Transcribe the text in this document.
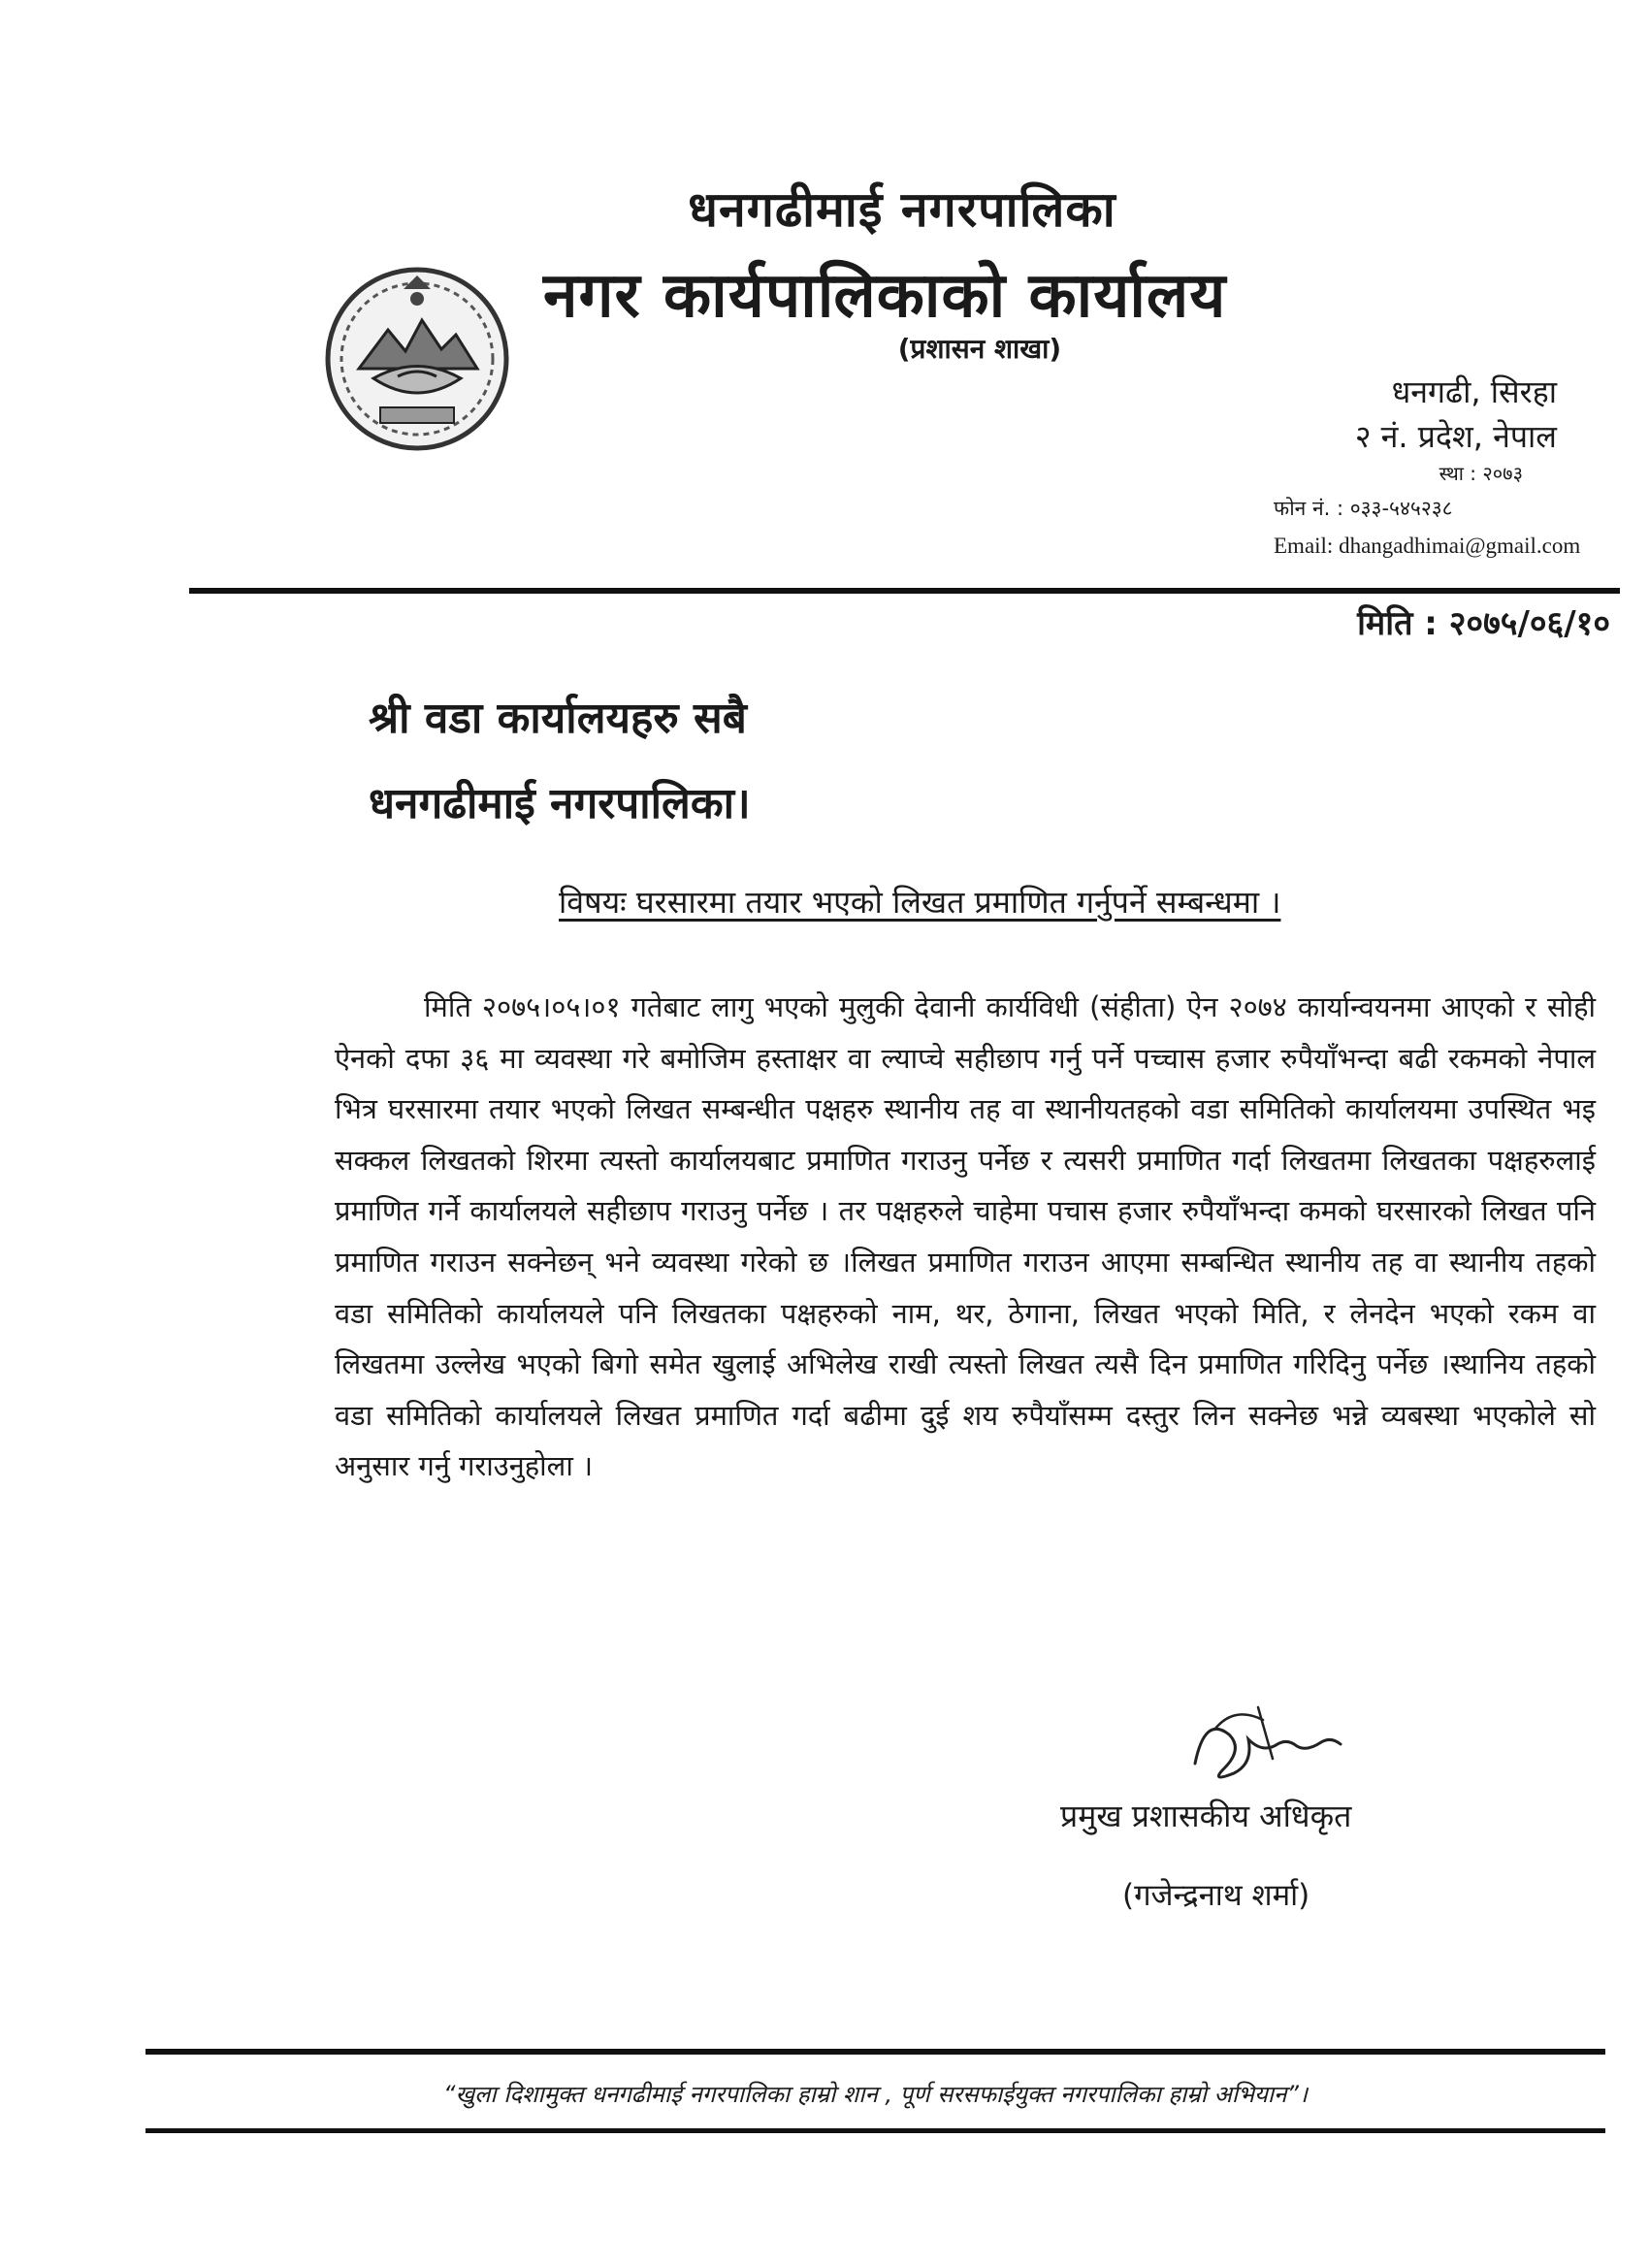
धनगढीमाई नगरपालिका
नगर कार्यपालिकाको कार्यालय
(प्रशासन शाखा)
धनगढी, सिरहा
२ नं. प्रदेश, नेपाल
स्था : २०७३
फोन नं. : ०३३-५४५२३८
Email: dhangadhimai@gmail.com
मिति : २०७५/०६/१०
श्री वडा कार्यालयहरु सबै
धनगढीमाई नगरपालिका।
विषयः घरसारमा तयार भएको लिखत प्रमाणित गर्नुपर्ने सम्बन्धमा ।

मिति २०७५।०५।०१ गतेबाट लागु भएको मुलुकी देवानी कार्यविधी (संहीता) ऐन २०७४ कार्यान्वयनमा आएको र सोही ऐनको दफा ३६ मा व्यवस्था गरे बमोजिम हस्ताक्षर वा ल्याप्चे सहीछाप गर्नु पर्ने पच्चास हजार रुपैयाँभन्दा बढी रकमको नेपाल भित्र घरसारमा तयार भएको लिखत सम्बन्धीत पक्षहरु स्थानीय तह वा स्थानीयतहको वडा समितिको कार्यालयमा उपस्थित भइ सक्कल लिखतको शिरमा त्यस्तो कार्यालयबाट प्रमाणित गराउनु पर्नेछ र त्यसरी प्रमाणित गर्दा लिखतमा लिखतका पक्षहरुलाई प्रमाणित गर्ने कार्यालयले सहीछाप गराउनु पर्नेछ । तर पक्षहरुले चाहेमा पचास हजार रुपैयाँभन्दा कमको घरसारको लिखत पनि प्रमाणित गराउन सक्नेछन् भने व्यवस्था गरेको छ ।लिखत प्रमाणित गराउन आएमा सम्बन्धित स्थानीय तह वा स्थानीय तहको वडा समितिको कार्यालयले पनि लिखतका पक्षहरुको नाम, थर, ठेगाना, लिखत भएको मिति, र लेनदेन भएको रकम वा लिखतमा उल्लेख भएको बिगो समेत खुलाई अभिलेख राखी त्यस्तो लिखत त्यसै दिन प्रमाणित गरिदिनु पर्नेछ ।स्थानिय तहको वडा समितिको कार्यालयले लिखत प्रमाणित गर्दा बढीमा दुई शय रुपैयाँसम्म दस्तुर लिन सक्नेछ भन्ने व्यबस्था भएकोले सो अनुसार गर्नु गराउनुहोला ।

प्रमुख प्रशासकीय अधिकृत
(गजेन्द्रनाथ शर्मा)
“खुला दिशामुक्त धनगढीमाई नगरपालिका हाम्रो शान , पूर्ण सरसफाईयुक्त नगरपालिका हाम्रो अभियान”।
